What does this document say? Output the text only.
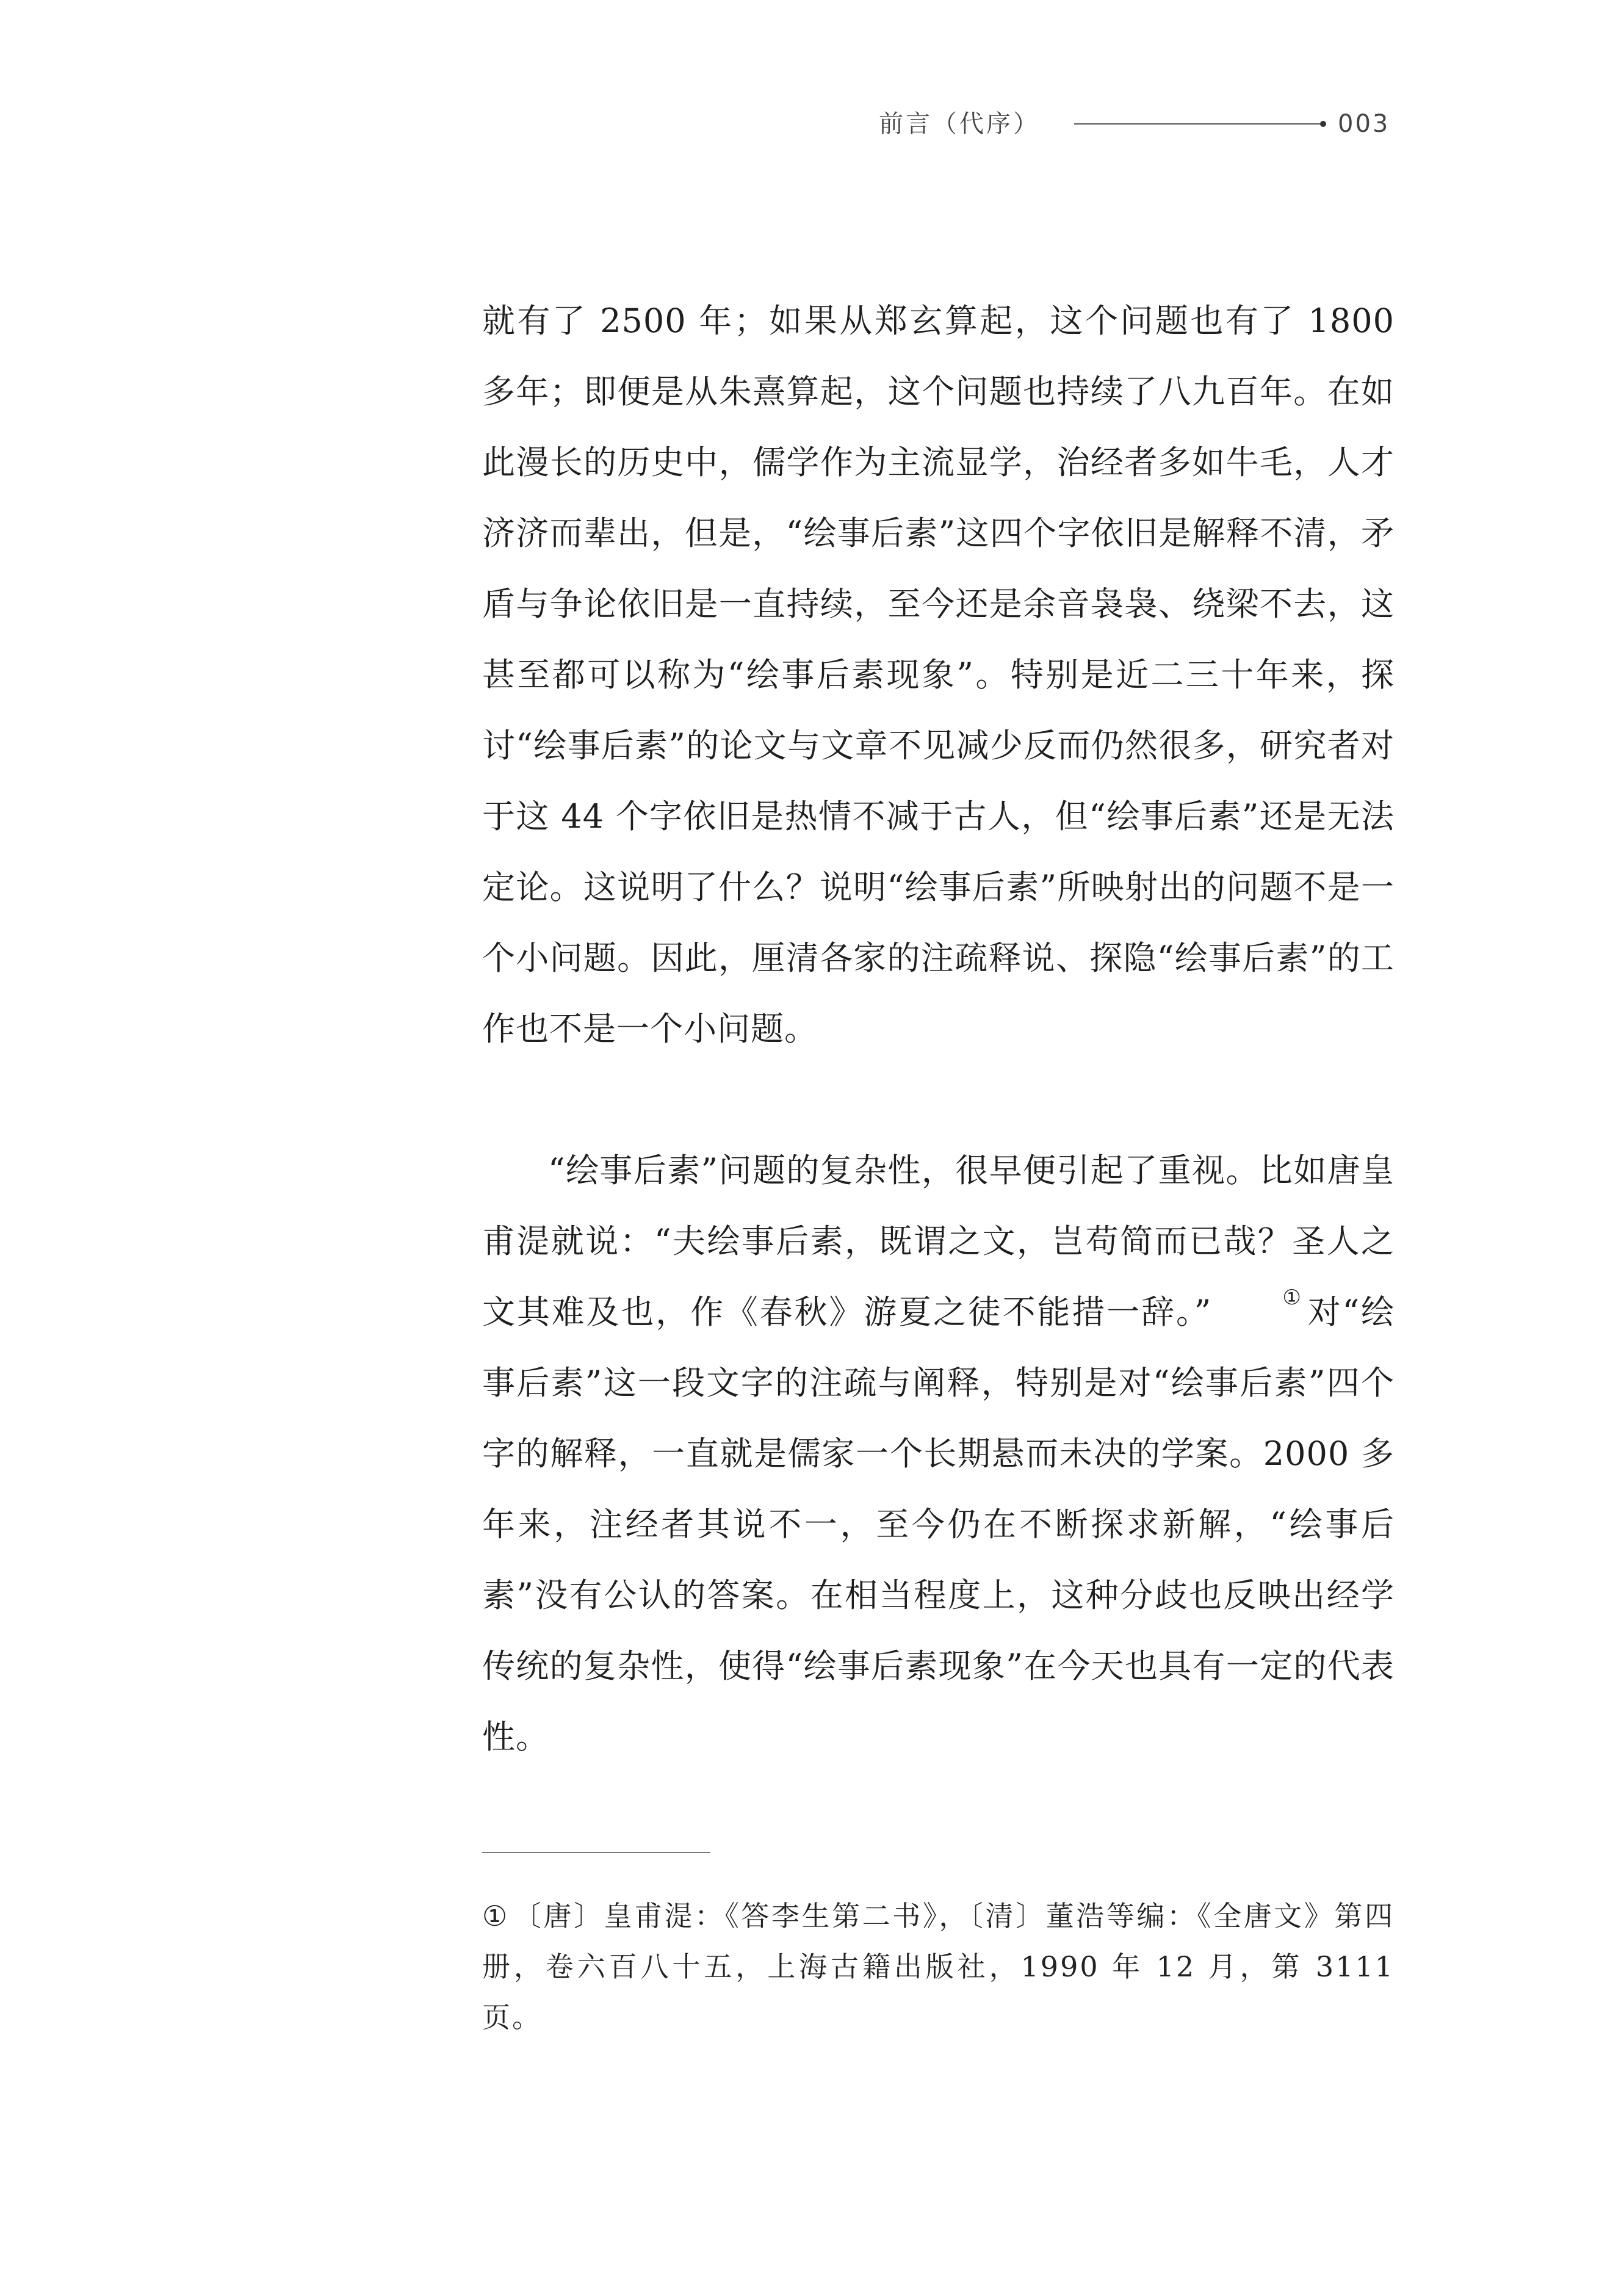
前言（代序）	003

就有了 2500 年；如果从郑玄算起，这个问题也有了 1800 多年；即便是从朱熹算起，这个问题也持续了八九百年。在如此漫长的历史中，儒学作为主流显学，治经者多如牛毛，人才济济而辈出，但是，“绘事后素”这四个字依旧是解释不清，矛盾与争论依旧是一直持续，至今还是余音袅袅、绕梁不去，这甚至都可以称为“绘事后素现象”。特别是近二三十年来，探讨“绘事后素”的论文与文章不见减少反而仍然很多，研究者对于这 44 个字依旧是热情不减于古人，但“绘事后素”还是无法定论。这说明了什么？说明“绘事后素”所映射出的问题不是一个小问题。因此，厘清各家的注疏释说、探隐“绘事后素”的工作也不是一个小问题。

“绘事后素”问题的复杂性，很早便引起了重视。比如唐皇甫湜就说：“夫绘事后素，既谓之文，岂苟简而已哉？圣人之文其难及也，作《春秋》游夏之徒不能措一辞。”	① 对“绘事后素”这一段文字的注疏与阐释，特别是对“绘事后素”四个字的解释，一直就是儒家一个长期悬而未决的学案。2000 多年来，注经者其说不一，至今仍在不断探求新解，“绘事后素”没有公认的答案。在相当程度上，这种分歧也反映出经学传统的复杂性，使得“绘事后素现象”在今天也具有一定的代表性。

① 〔唐〕皇甫湜：《答李生第二书》，〔清〕董浩等编：《全唐文》第四册，卷六百八十五，上海古籍出版社，1990 年 12 月，第 3111 页。
